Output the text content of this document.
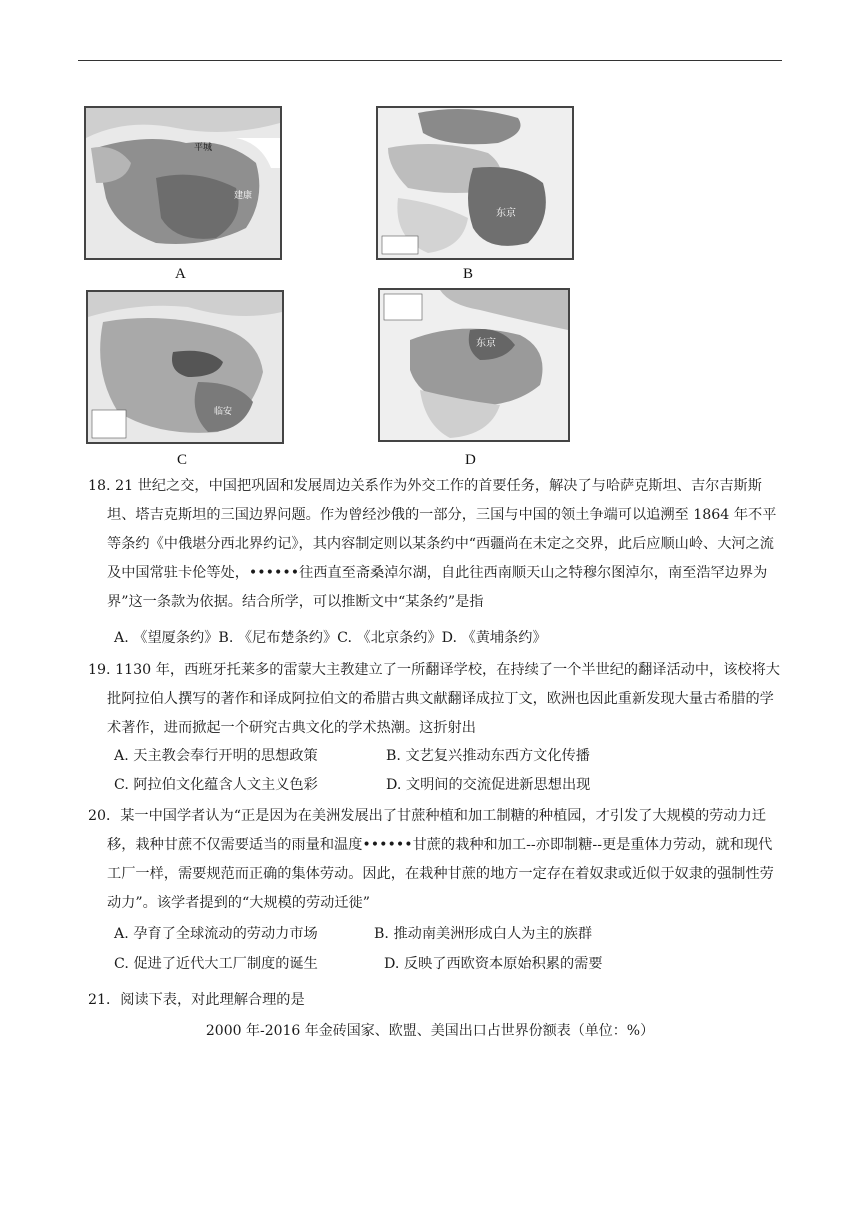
平城
建康
A
东京
B
临安
C
东京
D
18. 21 世纪之交，中国把巩固和发展周边关系作为外交工作的首要任务，解决了与哈萨克斯坦、吉尔吉斯斯坦、塔吉克斯坦的三国边界问题。作为曾经沙俄的一部分，三国与中国的领土争端可以追溯至 1864 年不平等条约《中俄堪分西北界约记》，其内容制定则以某条约中“西疆尚在未定之交界，此后应顺山岭、大河之流及中国常驻卡伦等处，••••••往西直至斋桑淖尔湖，自此往西南顺天山之特穆尔图淖尔，南至浩罕边界为界”这一条款为依据。结合所学，可以推断文中“某条约”是指
A. 《望厦条约》B. 《尼布楚条约》C. 《北京条约》D. 《黄埔条约》
19. 1130 年，西班牙托莱多的雷蒙大主教建立了一所翻译学校，在持续了一个半世纪的翻译活动中，该校将大批阿拉伯人撰写的著作和译成阿拉伯文的希腊古典文献翻译成拉丁文，欧洲也因此重新发现大量古希腊的学术著作，进而掀起一个研究古典文化的学术热潮。这折射出
A. 天主教会奉行开明的思想政策	B. 文艺复兴推动东西方文化传播
C. 阿拉伯文化蕴含人文主义色彩	D. 文明间的交流促进新思想出现
20．某一中国学者认为“正是因为在美洲发展出了甘蔗种植和加工制糖的种植园，才引发了大规模的劳动力迁移，栽种甘蔗不仅需要适当的雨量和温度••••••甘蔗的栽种和加工--亦即制糖--更是重体力劳动，就和现代工厂一样，需要规范而正确的集体劳动。因此，在栽种甘蔗的地方一定存在着奴隶或近似于奴隶的强制性劳动力”。该学者提到的“大规模的劳动迁徙”
A. 孕育了全球流动的劳动力市场	B. 推动南美洲形成白人为主的族群
C. 促进了近代大工厂制度的诞生	D. 反映了西欧资本原始积累的需要
21．阅读下表，对此理解合理的是
2000 年-2016 年金砖国家、欧盟、美国出口占世界份额表（单位：%）
